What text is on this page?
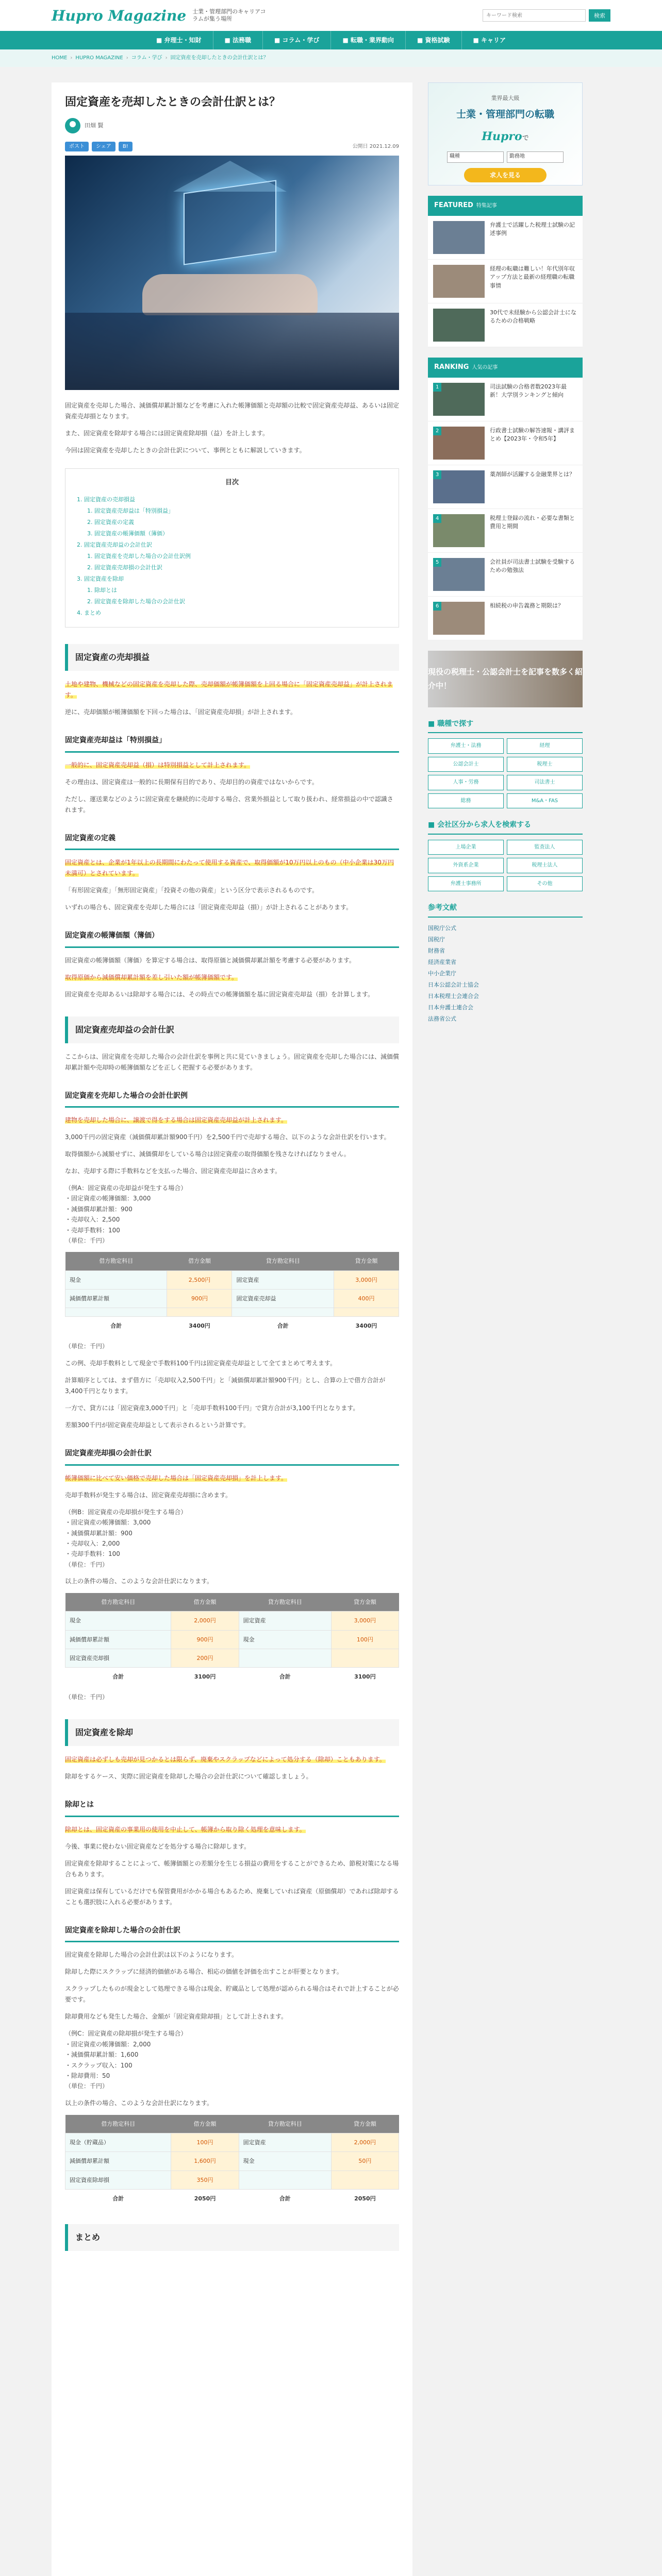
Hupro Magazine 士業・管理部門のキャリアコラムが集う場所
キーワード検索	検索
■ 弁理士・知財	■ 法務職	■ コラム・学び	■ 転職・業界動向	■ 資格試験	■ キャリア
HOME › HUPRO MAGAZINE › コラム・学び › 固定資産を売却したときの会計仕訳とは？
固定資産を売却したときの会計仕訳とは？
田畑 賢
ポスト	シェア	B!	公開日 2021.12.09

固定資産を売却した場合、減価償却累計額などを考慮に入れた帳簿価額と売却額の比較で固定資産売却益、あるいは固定資産売却損となります。

また、固定資産を除却する場合には固定資産除却損（益）を計上します。

今回は固定資産を売却したときの会計仕訳について、事例とともに解説していきます。

目次
1. 固定資産の売却損益
1. 固定資産売却益は「特別損益」
2. 固定資産の定義
3. 固定資産の帳簿価額（簿価）
2. 固定資産売却益の会計仕訳
1. 固定資産を売却した場合の会計仕訳例
2. 固定資産売却損の会計仕訳
3. 固定資産を除却
1. 除却とは
2. 固定資産を除却した場合の会計仕訳
4. まとめ
固定資産の売却損益

土地や建物、機械などの固定資産を売却した際、売却価額が帳簿価額を上回る場合に「固定資産売却益」が計上されます。

逆に、売却価額が帳簿価額を下回った場合は、「固定資産売却損」が計上されます。

固定資産売却益は「特別損益」

一般的に、固定資産売却益（損）は特別損益として計上されます。

その理由は、固定資産は一般的に長期保有目的であり、売却目的の資産ではないからです。

ただし、運送業などのように固定資産を継続的に売却する場合、営業外損益として取り扱われ、経常損益の中で認識されます。

固定資産の定義

固定資産とは、企業が1年以上の長期間にわたって使用する資産で、取得価額が10万円以上のもの（中小企業は30万円未満可）とされています。

「有形固定資産」「無形固定資産」「投資その他の資産」という区分で表示されるものです。

いずれの場合も、固定資産を売却した場合には「固定資産売却益（損）」が計上されることがあります。

固定資産の帳簿価額（簿価）

固定資産の帳簿価額（簿価）を算定する場合は、取得原価と減価償却累計額を考慮する必要があります。

取得原価から減価償却累計額を差し引いた額が帳簿価額です。

固定資産を売却あるいは除却する場合には、その時点での帳簿価額を基に固定資産売却益（損）を計算します。

固定資産売却益の会計仕訳

ここからは、固定資産を売却した場合の会計仕訳を事例と共に見ていきましょう。固定資産を売却した場合には、減価償却累計額や売却時の帳簿価額などを正しく把握する必要があります。

固定資産を売却した場合の会計仕訳例

建物を売却した場合に、譲渡で得をする場合は固定資産売却益が計上されます。

3,000千円の固定資産（減価償却累計額900千円）を2,500千円で売却する場合、以下のような会計仕訳を行います。

取得価額から減額せずに、減価償却をしている場合は固定資産の取得価額を残さなければなりません。

なお、売却する際に手数料などを支払った場合、固定資産売却益に含めます。

（例A：固定資産の売却益が発生する場合）
・固定資産の帳簿価額：3,000
・減価償却累計額：900
・売却収入：2,500
・売却手数料：100
（単位：千円）
借方勘定科目	借方金額	貸方勘定科目	貸方金額
現金	2,500円	固定資産	3,000円
減価償却累計額	900円	固定資産売却益	400円

合計	3400円	合計	3400円

（単位：千円）

この例、売却手数料として現金で手数料100千円は固定資産売却益として全てまとめて考えます。

計算順序としては、まず借方に「売却収入2,500千円」と「減価償却累計額900千円」とし、合算の上で借方合計が3,400千円となります。

一方で、貸方には「固定資産3,000千円」と「売却手数料100千円」で貸方合計が3,100千円となります。

差額300千円が固定資産売却益として表示されるという計算です。

固定資産売却損の会計仕訳

帳簿価額に比べて安い価格で売却した場合は「固定資産売却損」を計上します。

売却手数料が発生する場合は、固定資産売却損に含めます。

（例B：固定資産の売却損が発生する場合）
・固定資産の帳簿価額：3,000
・減価償却累計額：900
・売却収入：2,000
・売却手数料：100
（単位：千円）

以上の条件の場合、このような会計仕訳になります。

借方勘定科目	借方金額	貸方勘定科目	貸方金額
現金	2,000円	固定資産	3,000円
減価償却累計額	900円	現金	100円
固定資産売却損	200円		
合計	3100円	合計	3100円

（単位：千円）

固定資産を除却

固定資産は必ずしも売却が見つかるとは限らず、廃棄やスクラップなどによって処分する（除却）こともあります。

除却をするケース、実際に固定資産を除却した場合の会計仕訳について確認しましょう。

除却とは

除却とは、固定資産の事業用の使用を中止して、帳簿から取り除く処理を意味します。

今後、事業に使わない固定資産などを処分する場合に除却します。

固定資産を除却することによって、帳簿価額との差額分を生じる損益の費用をすることができるため、節税対策になる場合もあります。

固定資産は保有しているだけでも保管費用がかかる場合もあるため、廃棄していれば資産（原価償却）であれば除却することも選択肢に入れる必要があります。

固定資産を除却した場合の会計仕訳

固定資産を除却した場合の会計仕訳は以下のようになります。

除却した際にスクラップに経済的価値がある場合、相応の価値を評価を出すことが肝要となります。

スクラップしたものが現金として処理できる場合は現金、貯蔵品として処理が認められる場合はそれで計上することが必要です。

除却費用なども発生した場合、金額が「固定資産除却損」として計上されます。

（例C：固定資産の除却損が発生する場合）
・固定資産の帳簿価額：2,000
・減価償却累計額：1,600
・スクラップ収入：100
・除却費用：50
（単位：千円）

以上の条件の場合、このような会計仕訳になります。

借方勘定科目	借方金額	貸方勘定科目	貸方金額
現金（貯蔵品）	100円	固定資産	2,000円
減価償却累計額	1,600円	現金	50円
固定資産除却損	350円		
合計	2050円	合計	2050円
まとめ
業界最大級
士業・管理部門の転職
Huproで
職種	勤務地
求人を見る
FEATURED 特集記事
弁護士で活躍した税理士試験の記述事例
経理の転職は難しい！年代別年収アップ方法と最新の経理職の転職事情
30代で未経験から公認会計士になるための合格戦略
RANKING 人気の記事
1	司法試験の合格者数2023年最新！大学別ランキングと傾向
2	行政書士試験の解答速報・講評まとめ【2023年・令和5年】
3	薬剤師が活躍する金融業界とは？
4	税理士登録の流れ・必要な書類と費用と期間
5	会社員が司法書士試験を受験するための勉強法
6	相続税の申告義務と期限は？
現役の税理士・公認会計士を記事を数多く紹介中！
■ 職種で探す
弁護士・法務	経理
公認会計士	税理士
人事・労務	司法書士
総務	M&A・FAS
■ 会社区分から求人を検索する
上場企業	監査法人
外資系企業	税理士法人
弁護士事務所	その他
参考文献
国税庁公式
国税庁
財務省
経済産業省
中小企業庁
日本公認会計士協会
日本税理士会連合会
日本弁護士連合会
法務省公式
